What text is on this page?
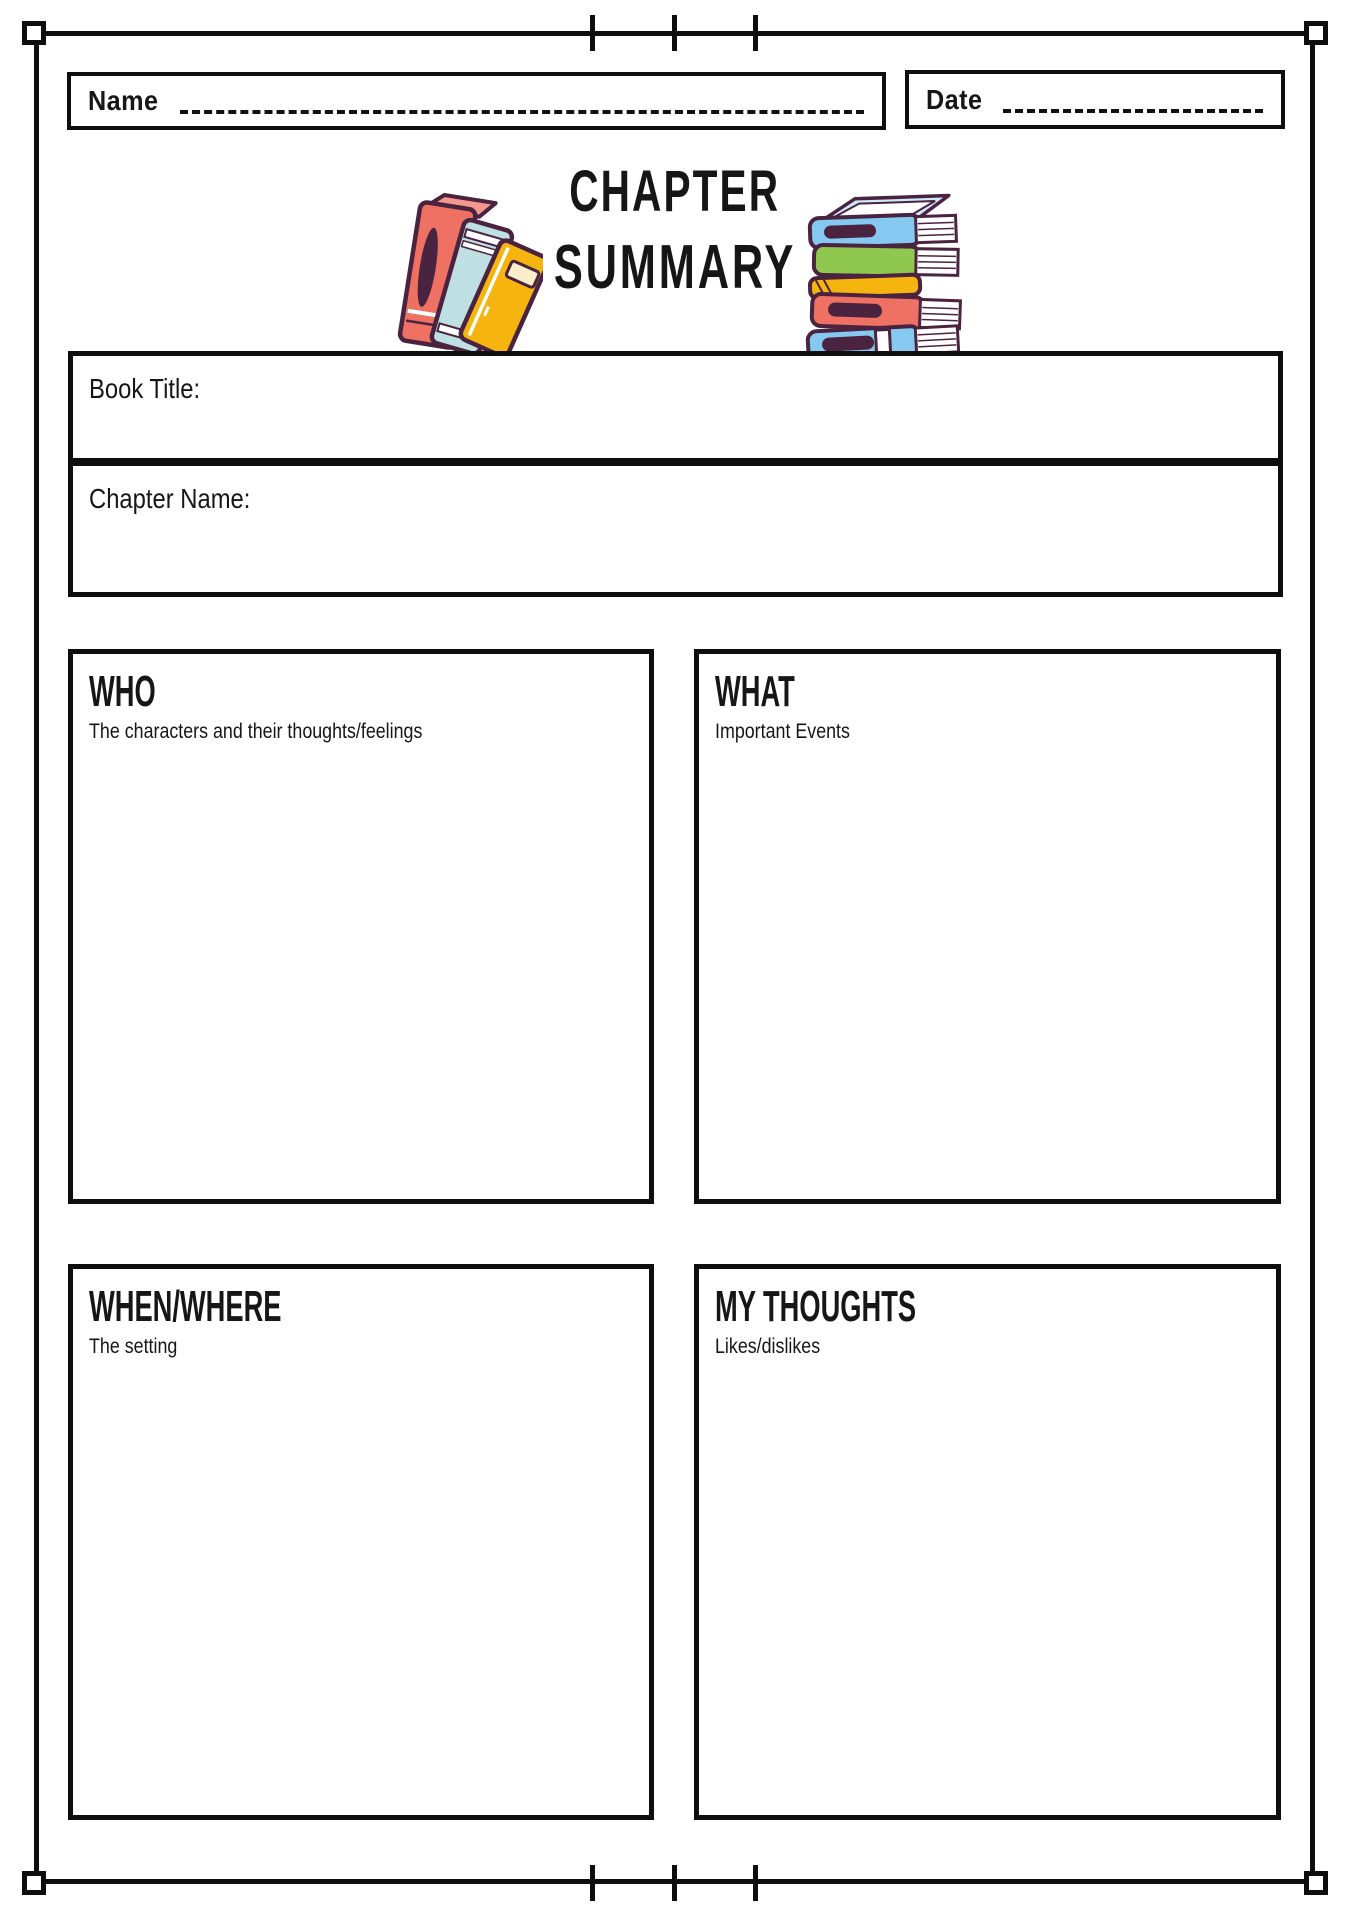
Name	Date
CHAPTER
SUMMARY
Book Title:
Chapter Name:
WHO
The characters and their thoughts/feelings
WHAT
Important Events
WHEN/WHERE
The setting
MY THOUGHTS
Likes/dislikes
